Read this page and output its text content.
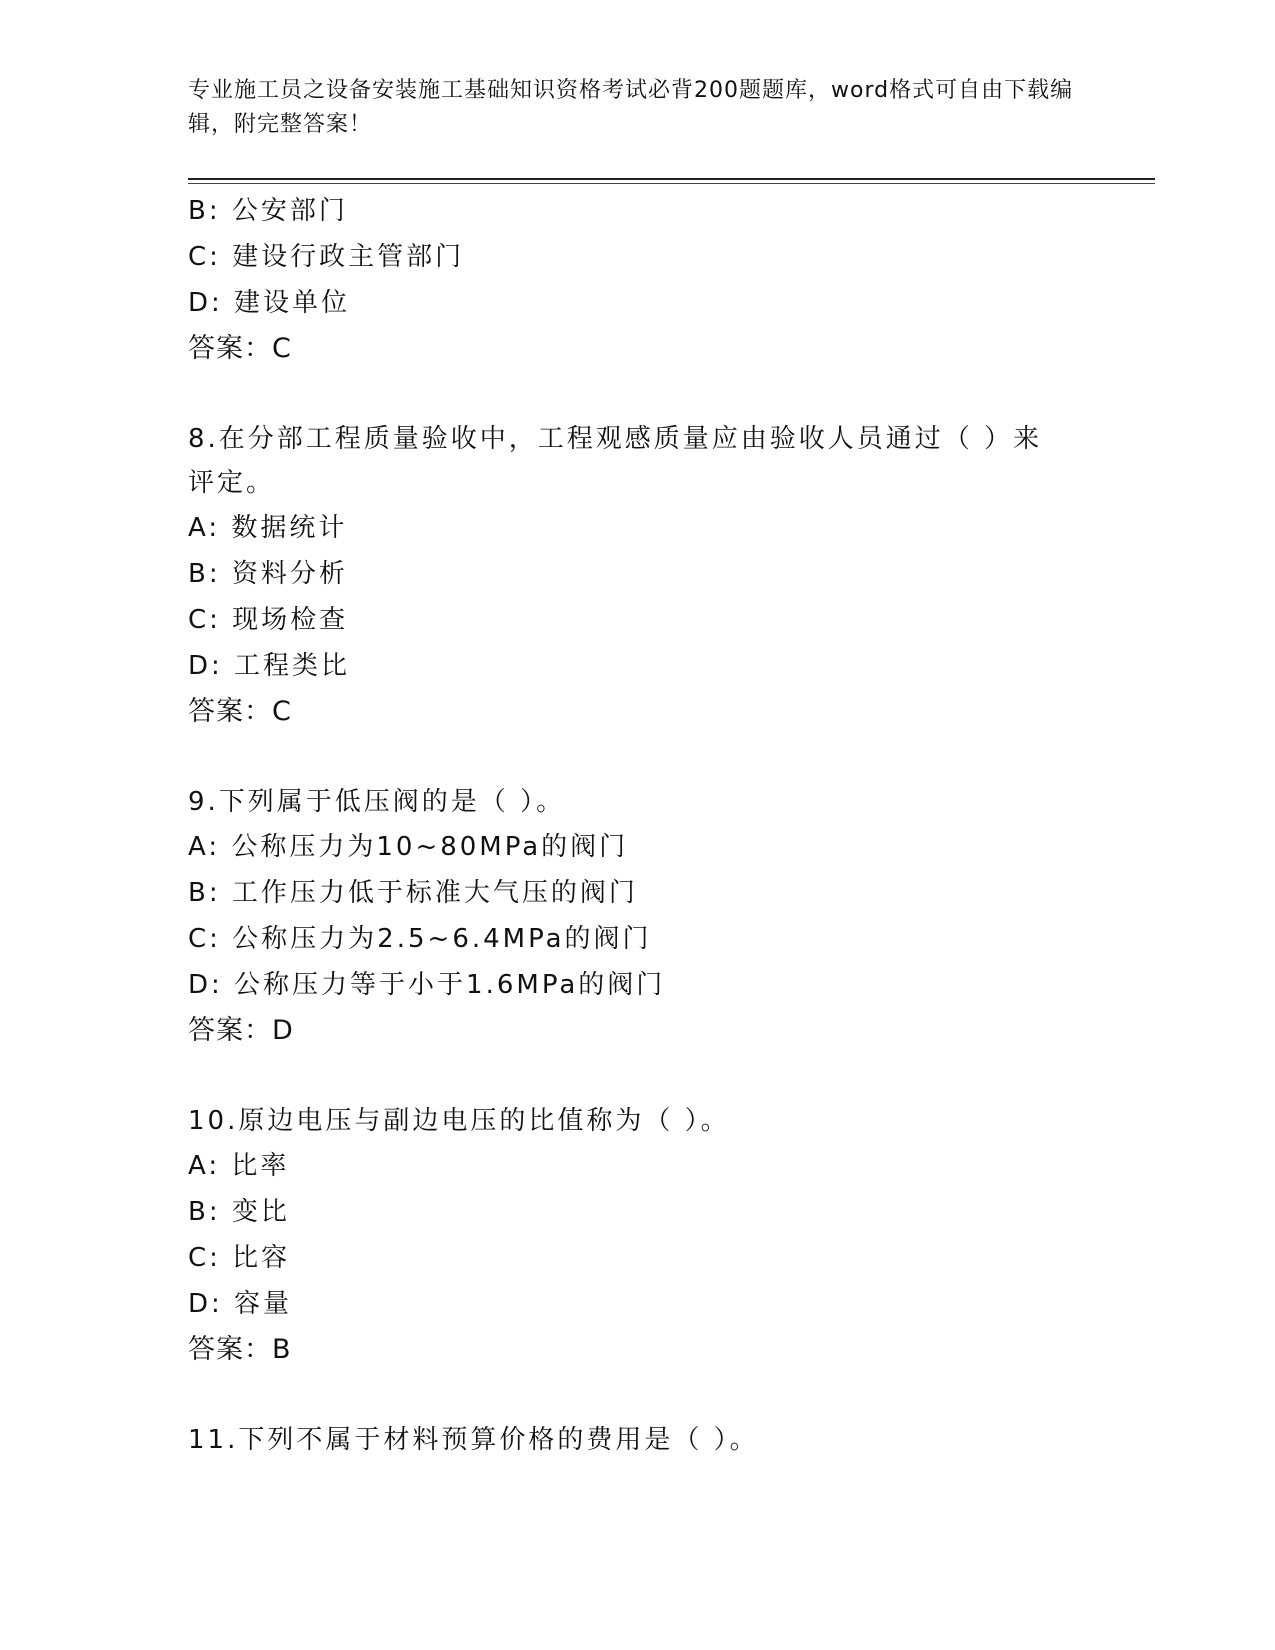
专业施工员之设备安装施工基础知识资格考试必背200题题库，word格式可自由下载编辑，附完整答案！
B: 公安部门
C: 建设行政主管部门
D: 建设单位
答案：C
8.在分部工程质量验收中，工程观感质量应由验收人员通过（ ）来评定。
A: 数据统计
B: 资料分析
C: 现场检查
D: 工程类比
答案：C
9.下列属于低压阀的是（ ）。
A: 公称压力为10~80MPa的阀门
B: 工作压力低于标准大气压的阀门
C: 公称压力为2.5~6.4MPa的阀门
D: 公称压力等于小于1.6MPa的阀门
答案：D
10.原边电压与副边电压的比值称为（ ）。
A: 比率
B: 变比
C: 比容
D: 容量
答案：B
11.下列不属于材料预算价格的费用是（ ）。
